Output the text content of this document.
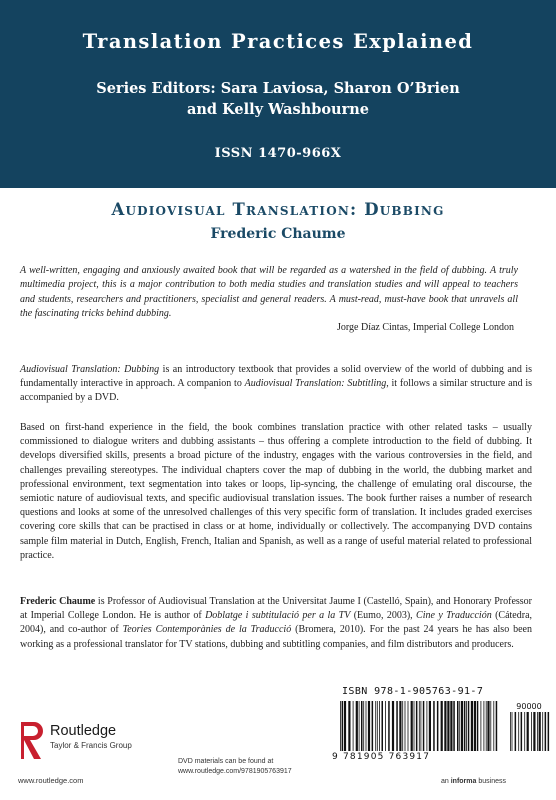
Translation Practices Explained
Series Editors: Sara Laviosa, Sharon O’Brien
and Kelly Washbourne
ISSN 1470-966X
Audiovisual Translation: Dubbing
Frederic Chaume

A well-written, engaging and anxiously awaited book that will be regarded as a watershed in the field of dubbing. A truly multimedia project, this is a major contribution to both media studies and translation studies and will appeal to teachers and students, researchers and practitioners, specialist and general readers. A must-read, must-have book that unravels all the fascinating tricks behind dubbing.

Jorge Díaz Cintas, Imperial College London

Audiovisual Translation: Dubbing is an introductory textbook that provides a solid overview of the world of dubbing and is fundamentally interactive in approach. A companion to Audiovisual Translation: Subtitling, it follows a similar structure and is accompanied by a DVD.

Based on first-hand experience in the field, the book combines translation practice with other related tasks – usually commissioned to dialogue writers and dubbing assistants – thus offering a complete introduction to the field of dubbing. It develops diversified skills, presents a broad picture of the industry, engages with the various controversies in the field, and challenges prevailing stereotypes. The individual chapters cover the map of dubbing in the world, the dubbing market and professional environment, text segmentation into takes or loops, lip-syncing, the challenge of emulating oral discourse, the semiotic nature of audiovisual texts, and specific audiovisual translation issues. The book further raises a number of research questions and looks at some of the unresolved challenges of this very specific form of translation. It includes graded exercises covering core skills that can be practised in class or at home, individually or collectively. The accompanying DVD contains sample film material in Dutch, English, French, Italian and Spanish, as well as a range of useful material related to professional practice.

Frederic Chaume is Professor of Audiovisual Translation at the Universitat Jaume I (Castelló, Spain), and Honorary Professor at Imperial College London. He is author of Doblatge i subtitulació per a la TV (Eumo, 2003), Cine y Traducción (Cátedra, 2004), and co-author of Teories Contemporànies de la Traducció (Bromera, 2010). For the past 24 years he has also been working as a professional translator for TV stations, dubbing and subtitling companies, and film distributors and producers.

Routledge
Taylor & Francis Group
www.routledge.com
DVD materials can be found at
www.routledge.com/9781905763917
ISBN 978-1-905763-91-7
90000
9 781905 763917
an informa business
